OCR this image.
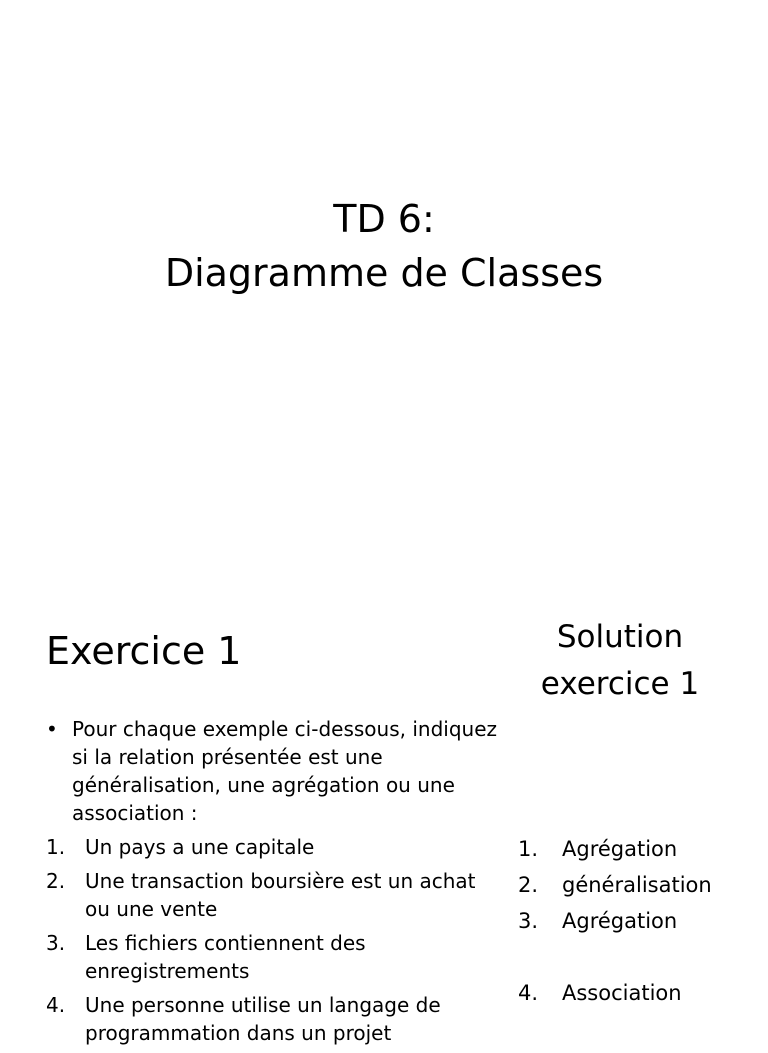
TD 6:
Diagramme de Classes
Exercice 1	Solution
exercice 1
• Pour chaque exemple ci-dessous, indiquez si la relation présentée est une généralisation, une agrégation ou une association :
1. Un pays a une capitale
2. Une transaction boursière est un achat ou une vente
3. Les fichiers contiennent des enregistrements
4. Une personne utilise un langage de programmation dans un projet
1.	Agrégation
2.	généralisation
3.	Agrégation
4.	Association
